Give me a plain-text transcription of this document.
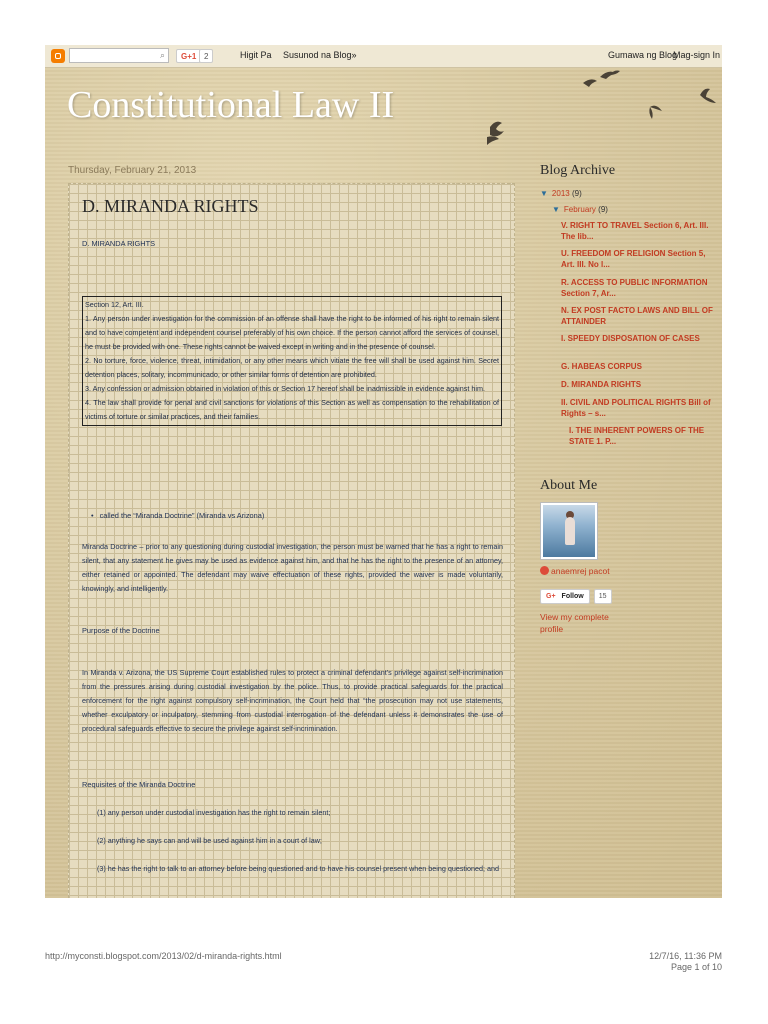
⌕	G+1 2	Higit Pa Susunod na Blog»	Gumawa ng Blog
Mag-sign In
Constitutional Law II
Thursday, February 21, 2013
D. MIRANDA RIGHTS
D. MIRANDA RIGHTS
Section 12, Art. III.
1. Any person under investigation for the commission of an offense shall have the right to be informed of his right to remain silent and to have competent and independent counsel preferably of his own choice. If the person cannot afford the services of counsel, he must be provided with one. These rights cannot be waived except in writing and in the presence of counsel.
2. No torture, force, violence, threat, intimidation, or any other means which vitiate the free will shall be used against him. Secret detention places, solitary, incommunicado, or other similar forms of detention are prohibited.
3. Any confession or admission obtained in violation of this or Section 17 hereof shall be inadmissible in evidence against him.
4. The law shall provide for penal and civil sanctions for violations of this Section as well as compensation to the rehabilitation of victims of torture or similar practices, and their families.
• called the “Miranda Doctrine” (Miranda vs Arizona)
Miranda Doctrine – prior to any questioning during custodial investigation, the person must be warned that he has a right to remain silent, that any statement he gives may be used as evidence against him, and that he has the right to the presence of an attorney, either retained or appointed. The defendant may waive effectuation of these rights, provided the waiver is made voluntarily, knowingly, and intelligently.
Purpose of the Doctrine
In Miranda v. Arizona, the US Supreme Court established rules to protect a criminal defendant’s privilege against self-incrimination from the pressures arising during custodial investigation by the police. Thus, to provide practical safeguards for the practical enforcement for the right against compulsory self-incrimination, the Court held that “the prosecution may not use statements, whether exculpatory or inculpatory, stemming from custodial interrogation of the defendant unless it demonstrates the use of procedural safeguards effective to secure the privilege against self-incrimination.
Requisites of the Miranda Doctrine
(1) any person under custodial investigation has the right to remain silent;
(2) anything he says can and will be used against him in a court of law;
(3) he has the right to talk to an attorney before being questioned and to have his counsel present when being questioned; and
Blog Archive
▼ 2013 (9)
▼ February (9)
V. RIGHT TO TRAVEL Section 6, Art. III. The lib...
U. FREEDOM OF RELIGION Section 5, Art. III. No l...
R. ACCESS TO PUBLIC INFORMATION Section 7, Ar...
N. EX POST FACTO LAWS AND BILL OF ATTAINDER
I. SPEEDY DISPOSATION OF CASES
G. HABEAS CORPUS
D. MIRANDA RIGHTS
II. CIVIL AND POLITICAL RIGHTS Bill of Rights – s...
I. THE INHERENT POWERS OF THE STATE 1. P...
About Me
anaemrej pacot
G+ Follow 15
View my complete profile
http://myconsti.blogspot.com/2013/02/d-miranda-rights.html	12/7/16, 11:36 PM
Page 1 of 10
